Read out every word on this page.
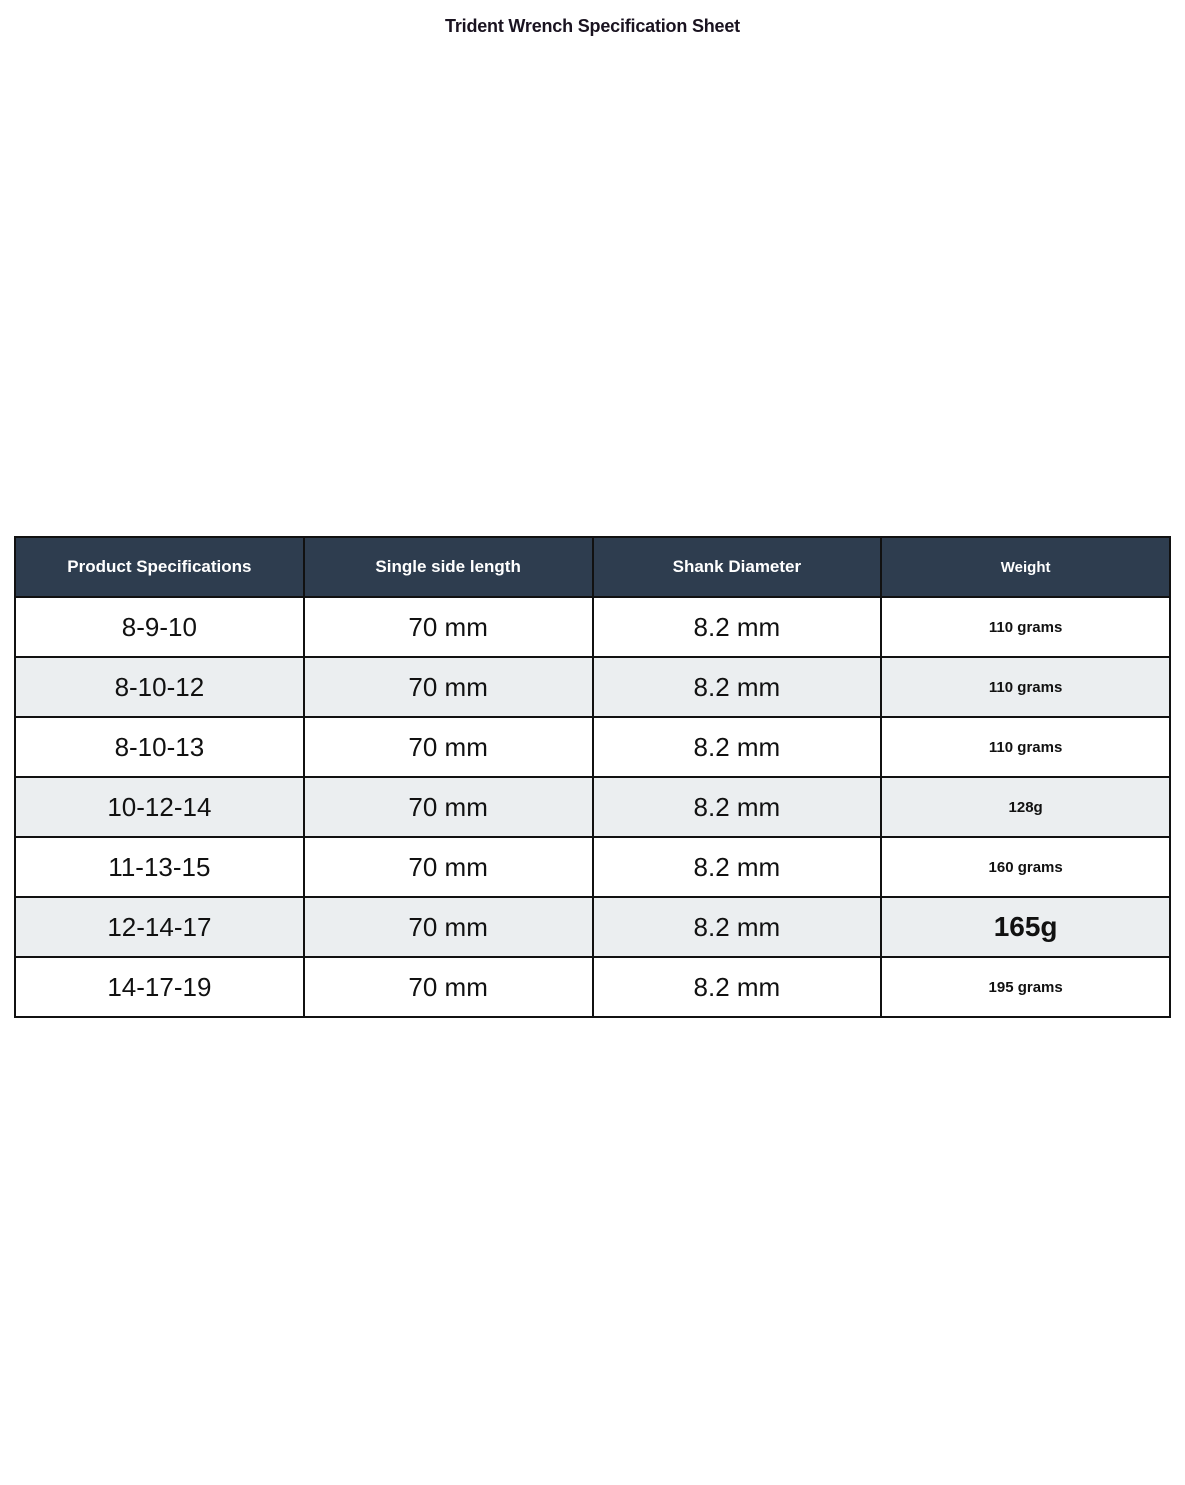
Trident Wrench Specification Sheet
Product Specifications	Single side length	Shank Diameter	Weight
8-9-10	70 mm	8.2 mm	110 grams
8-10-12	70 mm	8.2 mm	110 grams
8-10-13	70 mm	8.2 mm	110 grams
10-12-14	70 mm	8.2 mm	128g
11-13-15	70 mm	8.2 mm	160 grams
12-14-17	70 mm	8.2 mm	165g
14-17-19	70 mm	8.2 mm	195 grams
